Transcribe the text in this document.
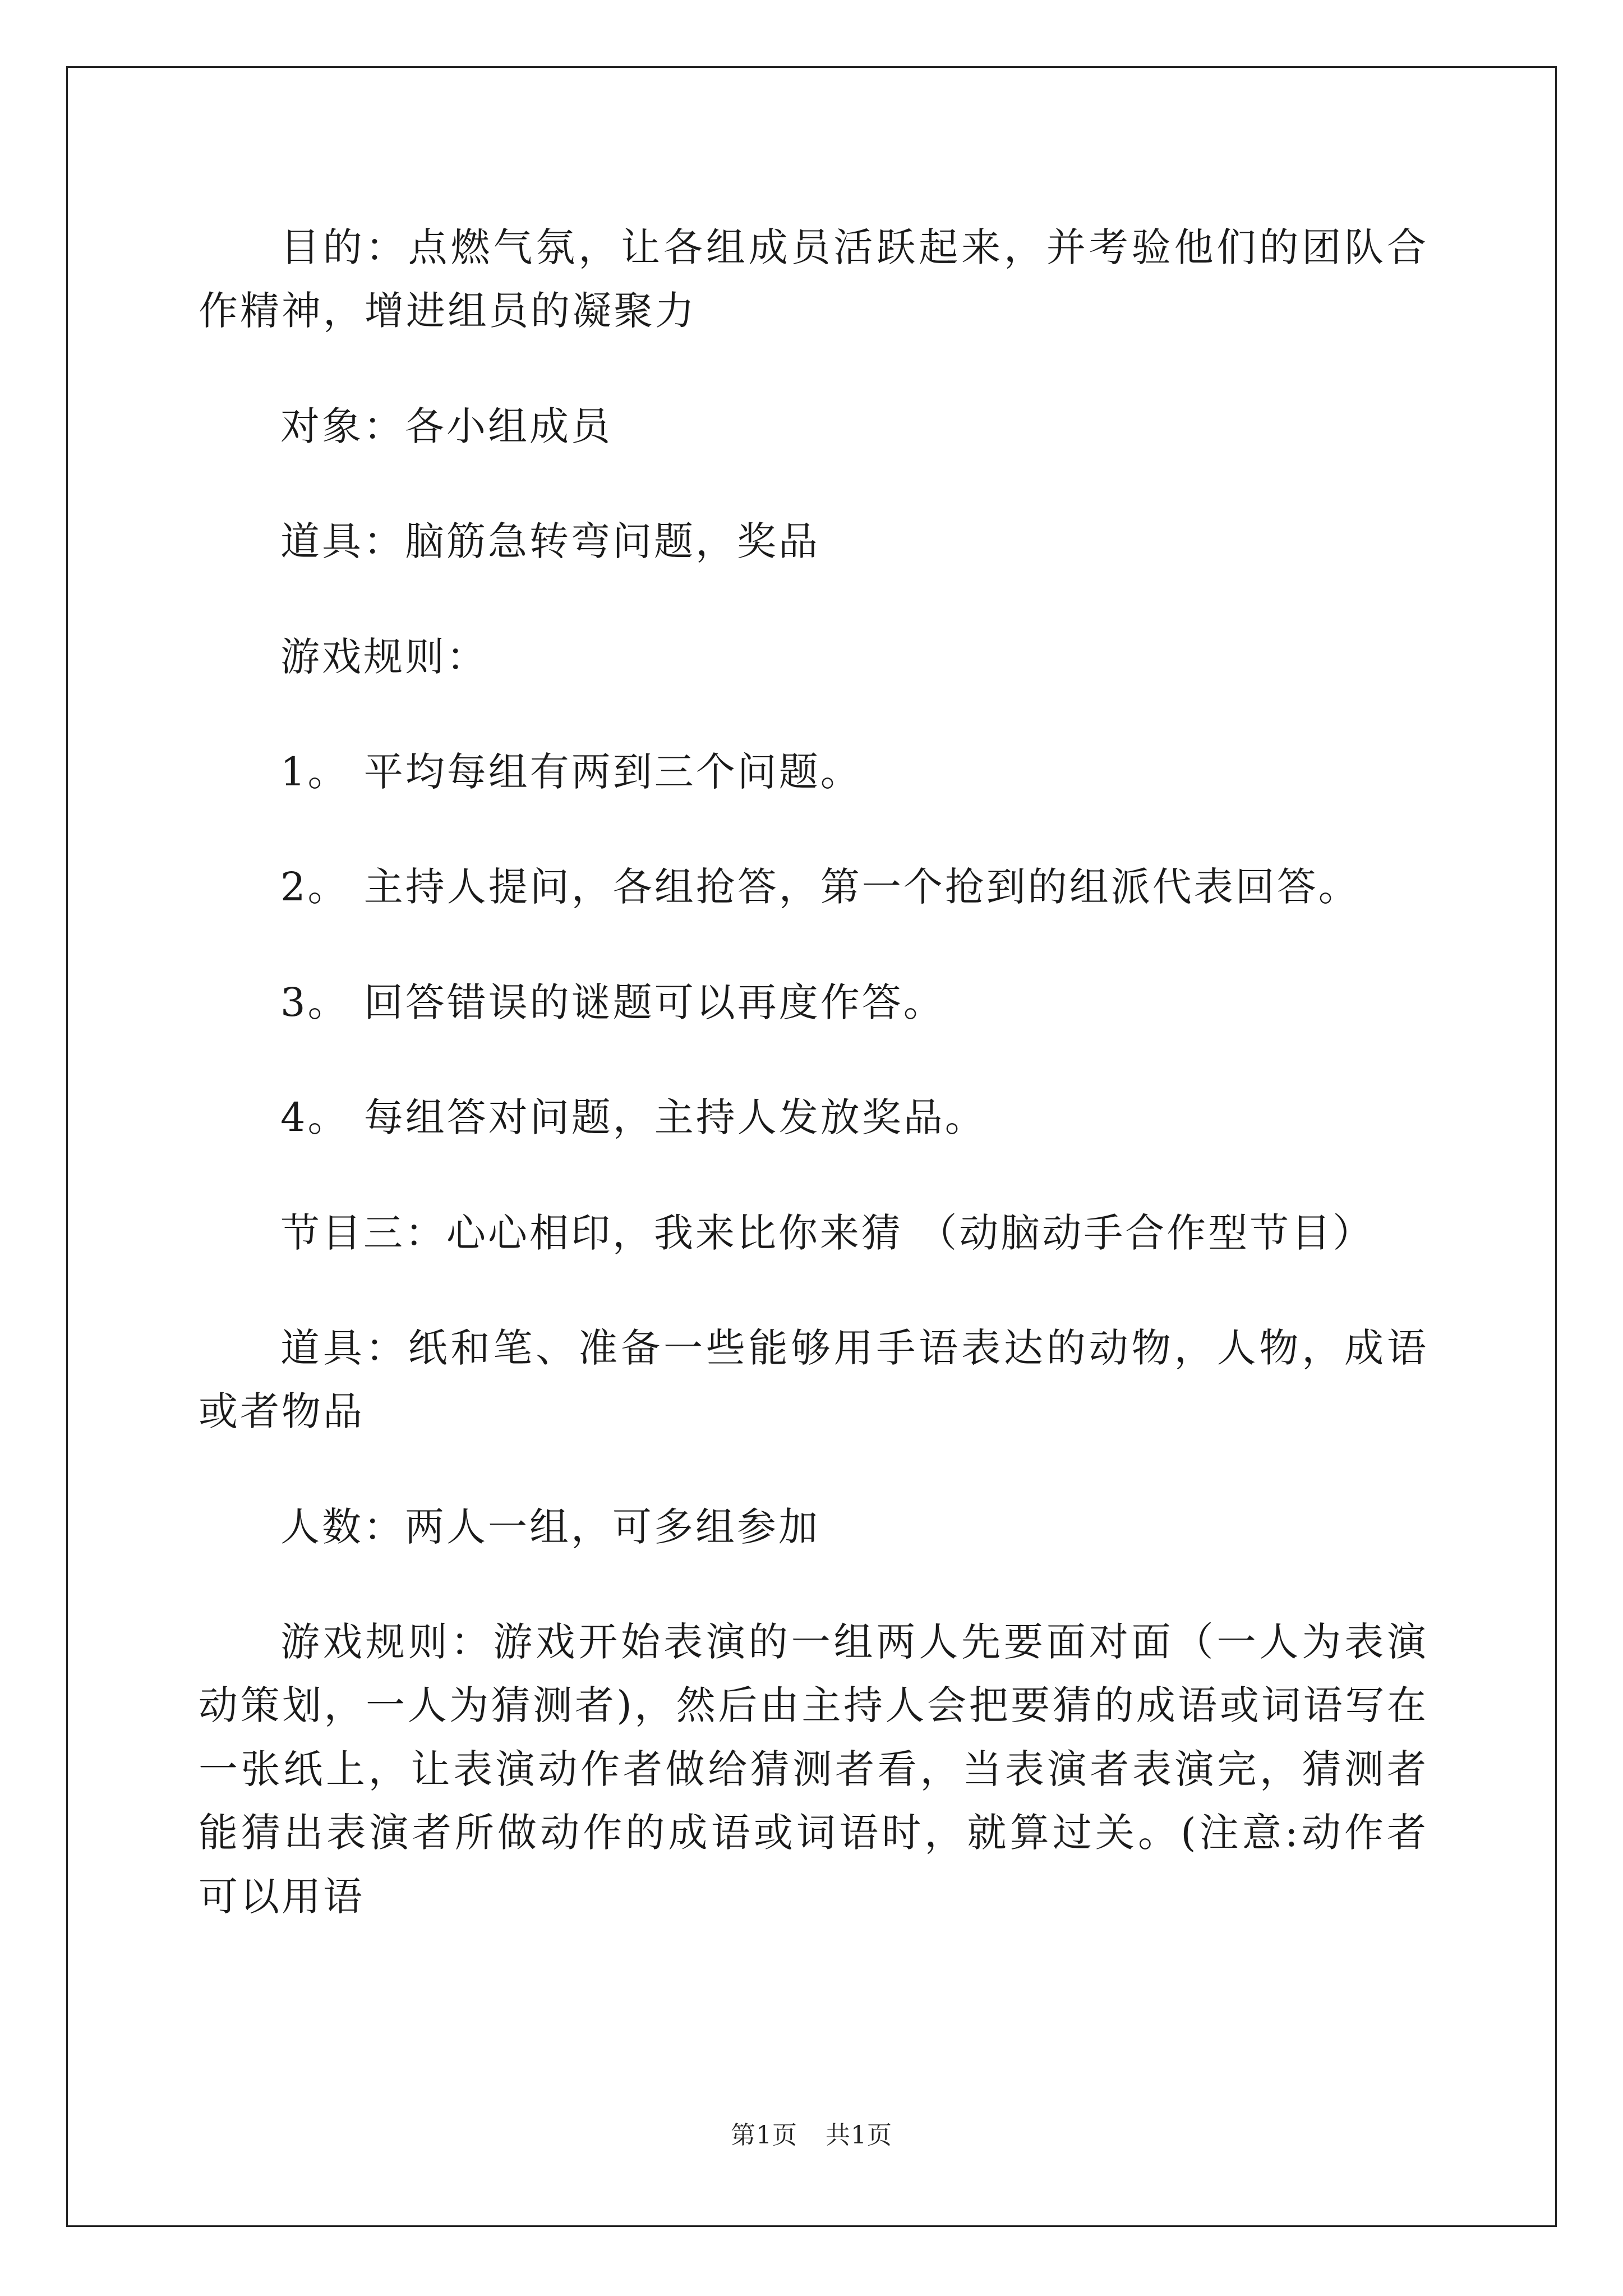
目的：点燃气氛，让各组成员活跃起来，并考验他们的团队合作精神，增进组员的凝聚力

对象：各小组成员

道具：脑筋急转弯问题，奖品

游戏规则：

1。 平均每组有两到三个问题。

2。 主持人提问，各组抢答，第一个抢到的组派代表回答。

3。 回答错误的谜题可以再度作答。

4。 每组答对问题，主持人发放奖品。

节目三：心心相印，我来比你来猜 （动脑动手合作型节目）

道具：纸和笔、准备一些能够用手语表达的动物，人物，成语或者物品

人数：两人一组，可多组参加

游戏规则：游戏开始表演的一组两人先要面对面（一人为表演动策划，一人为猜测者)，然后由主持人会把要猜的成语或词语写在一张纸上，让表演动作者做给猜测者看，当表演者表演完，猜测者能猜出表演者所做动作的成语或词语时，就算过关。(注意:动作者可以用语

第1页 共1页
